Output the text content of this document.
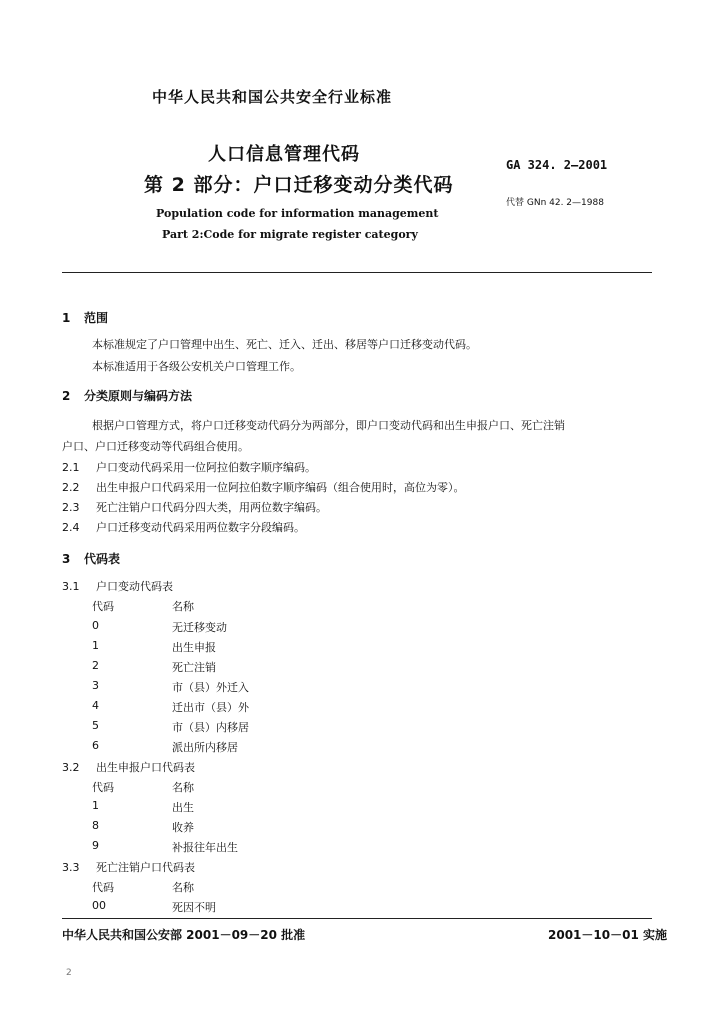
中华人民共和国公共安全行业标准
人口信息管理代码
第 2 部分：户口迁移变动分类代码
Population code for information management
Part 2:Code for migrate register category
GA 324. 2—2001
代替 GNn 42. 2—1988
1 范围
本标准规定了户口管理中出生、死亡、迁入、迁出、移居等户口迁移变动代码。
本标准适用于各级公安机关户口管理工作。
2 分类原则与编码方法
根据户口管理方式，将户口迁移变动代码分为两部分，即户口变动代码和出生申报户口、死亡注销
户口、户口迁移变动等代码组合使用。
2.1 户口变动代码采用一位阿拉伯数字顺序编码。
2.2 出生申报户口代码采用一位阿拉伯数字顺序编码（组合使用时，高位为零）。
2.3 死亡注销户口代码分四大类，用两位数字编码。
2.4 户口迁移变动代码采用两位数字分段编码。
3 代码表
3.1 户口变动代码表
代码	名称
0	无迁移变动
1	出生申报
2	死亡注销
3	市（县）外迁入
4	迁出市（县）外
5	市（县）内移居
6	派出所内移居
3.2 出生申报户口代码表
代码	名称
1	出生
8	收养
9	补报往年出生
3.3 死亡注销户口代码表
代码	名称
00	死因不明
中华人民共和国公安部 2001－09－20 批准	2001－10－01 实施
2
